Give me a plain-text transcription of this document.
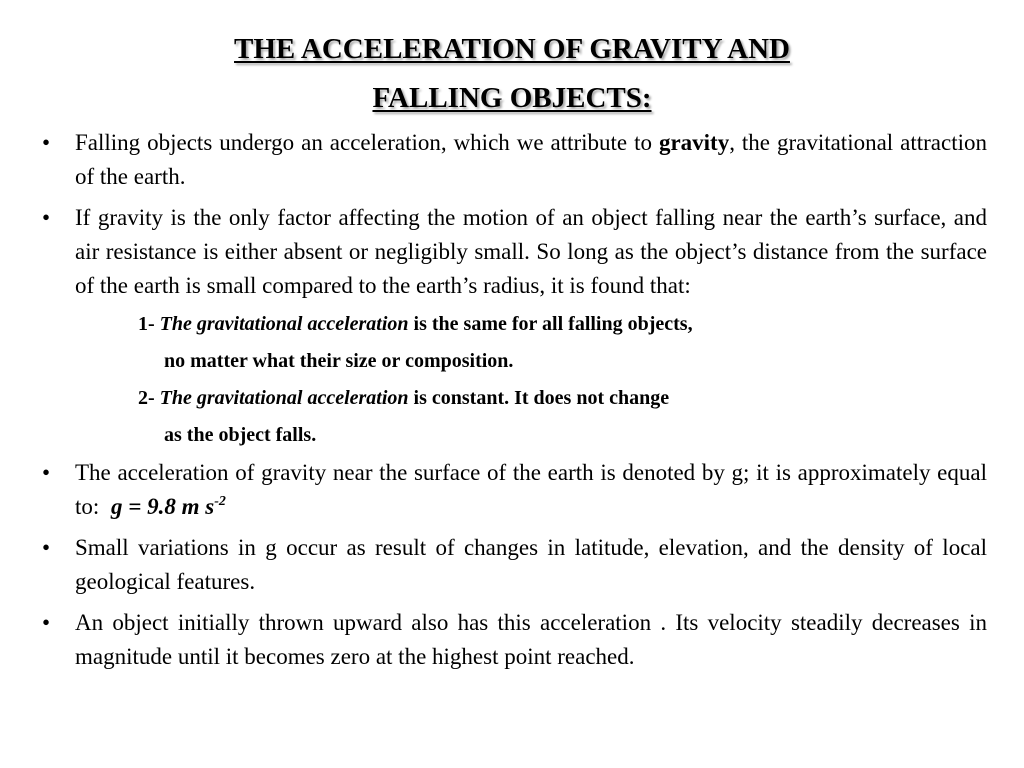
THE ACCELERATION OF GRAVITY AND
FALLING OBJECTS:
• Falling objects undergo an acceleration, which we attribute to gravity, the gravitational attraction of the earth.
• If gravity is the only factor affecting the motion of an object falling near the earth’s surface, and air resistance is either absent or negligibly small. So long as the object’s distance from the surface of the earth is small compared to the earth’s radius, it is found that:
1- The gravitational acceleration is the same for all falling objects,
no matter what their size or composition.
2- The gravitational acceleration is constant. It does not change
as the object falls.
• The acceleration of gravity near the surface of the earth is denoted by g; it is approximately equal to: g = 9.8 m $s^{-2}$
• Small variations in g occur as result of changes in latitude, elevation, and the density of local geological features.
• An object initially thrown upward also has this acceleration . Its velocity steadily decreases in magnitude until it becomes zero at the highest point reached.
